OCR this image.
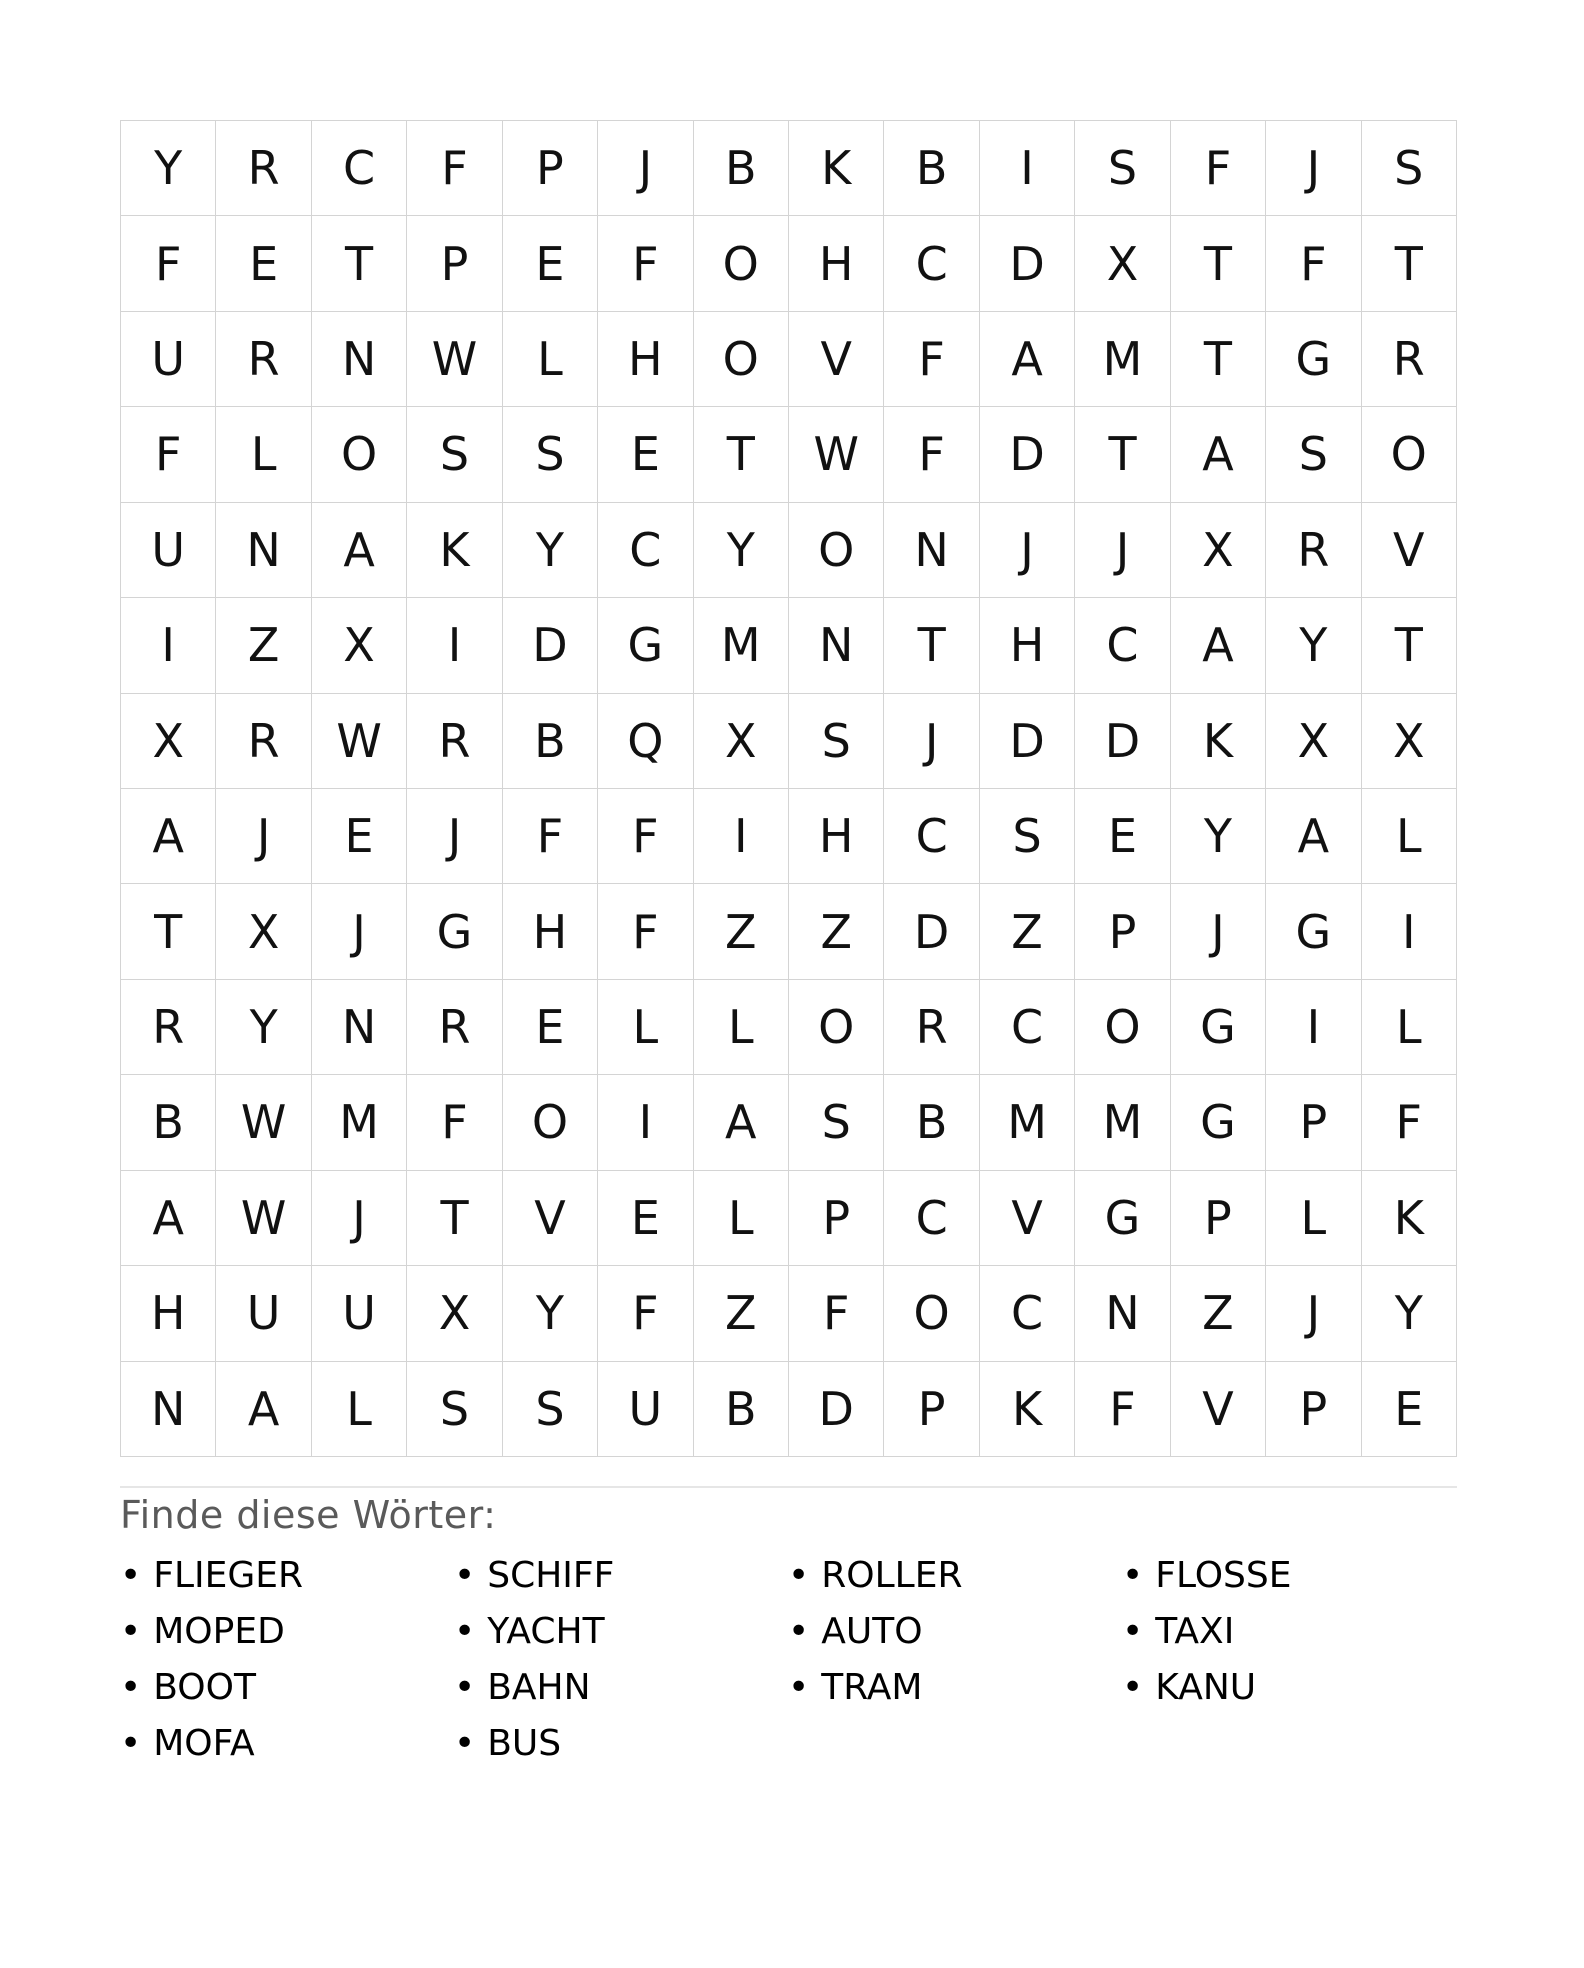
Y	R	C	F	P	J	B	K	B	I	S	F	J	S
F	E	T	P	E	F	O	H	C	D	X	T	F	T
U	R	N	W	L	H	O	V	F	A	M	T	G	R
F	L	O	S	S	E	T	W	F	D	T	A	S	O
U	N	A	K	Y	C	Y	O	N	J	J	X	R	V
I	Z	X	I	D	G	M	N	T	H	C	A	Y	T
X	R	W	R	B	Q	X	S	J	D	D	K	X	X
A	J	E	J	F	F	I	H	C	S	E	Y	A	L
T	X	J	G	H	F	Z	Z	D	Z	P	J	G	I
R	Y	N	R	E	L	L	O	R	C	O	G	I	L
B	W	M	F	O	I	A	S	B	M	M	G	P	F
A	W	J	T	V	E	L	P	C	V	G	P	L	K
H	U	U	X	Y	F	Z	F	O	C	N	Z	J	Y
N	A	L	S	S	U	B	D	P	K	F	V	P	E
Finde diese Wörter:
• FLIEGER	• SCHIFF	• ROLLER	• FLOSSE
• MOPED	• YACHT	• AUTO	• TAXI
• BOOT	• BAHN	• TRAM	• KANU
• MOFA	• BUS
